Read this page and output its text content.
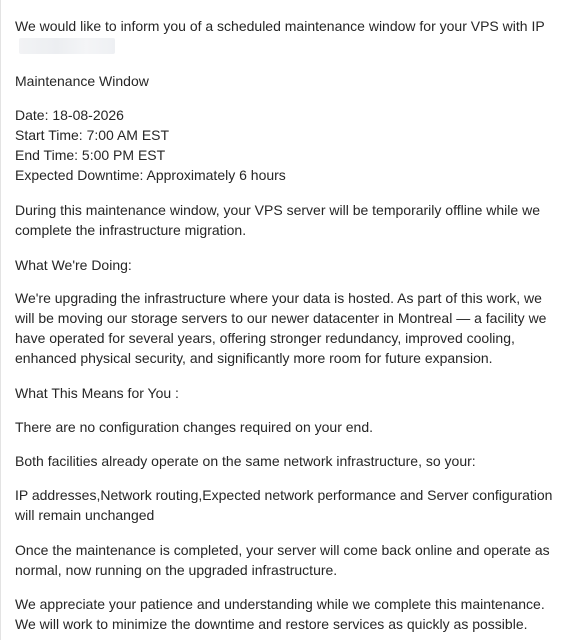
We would like to inform you of a scheduled maintenance window for your VPS with IP

Maintenance Window

Date: 18-08-2026
Start Time: 7:00 AM EST
End Time: 5:00 PM EST
Expected Downtime: Approximately 6 hours

During this maintenance window, your VPS server will be temporarily offline while we complete the infrastructure migration.

What We're Doing:

We're upgrading the infrastructure where your data is hosted. As part of this work, we will be moving our storage servers to our newer datacenter in Montreal — a facility we have operated for several years, offering stronger redundancy, improved cooling, enhanced physical security, and significantly more room for future expansion.

What This Means for You :

There are no configuration changes required on your end.

Both facilities already operate on the same network infrastructure, so your:

IP addresses,Network routing,Expected network performance and Server configuration will remain unchanged

Once the maintenance is completed, your server will come back online and operate as normal, now running on the upgraded infrastructure.

We appreciate your patience and understanding while we complete this maintenance. We will work to minimize the downtime and restore services as quickly as possible.
